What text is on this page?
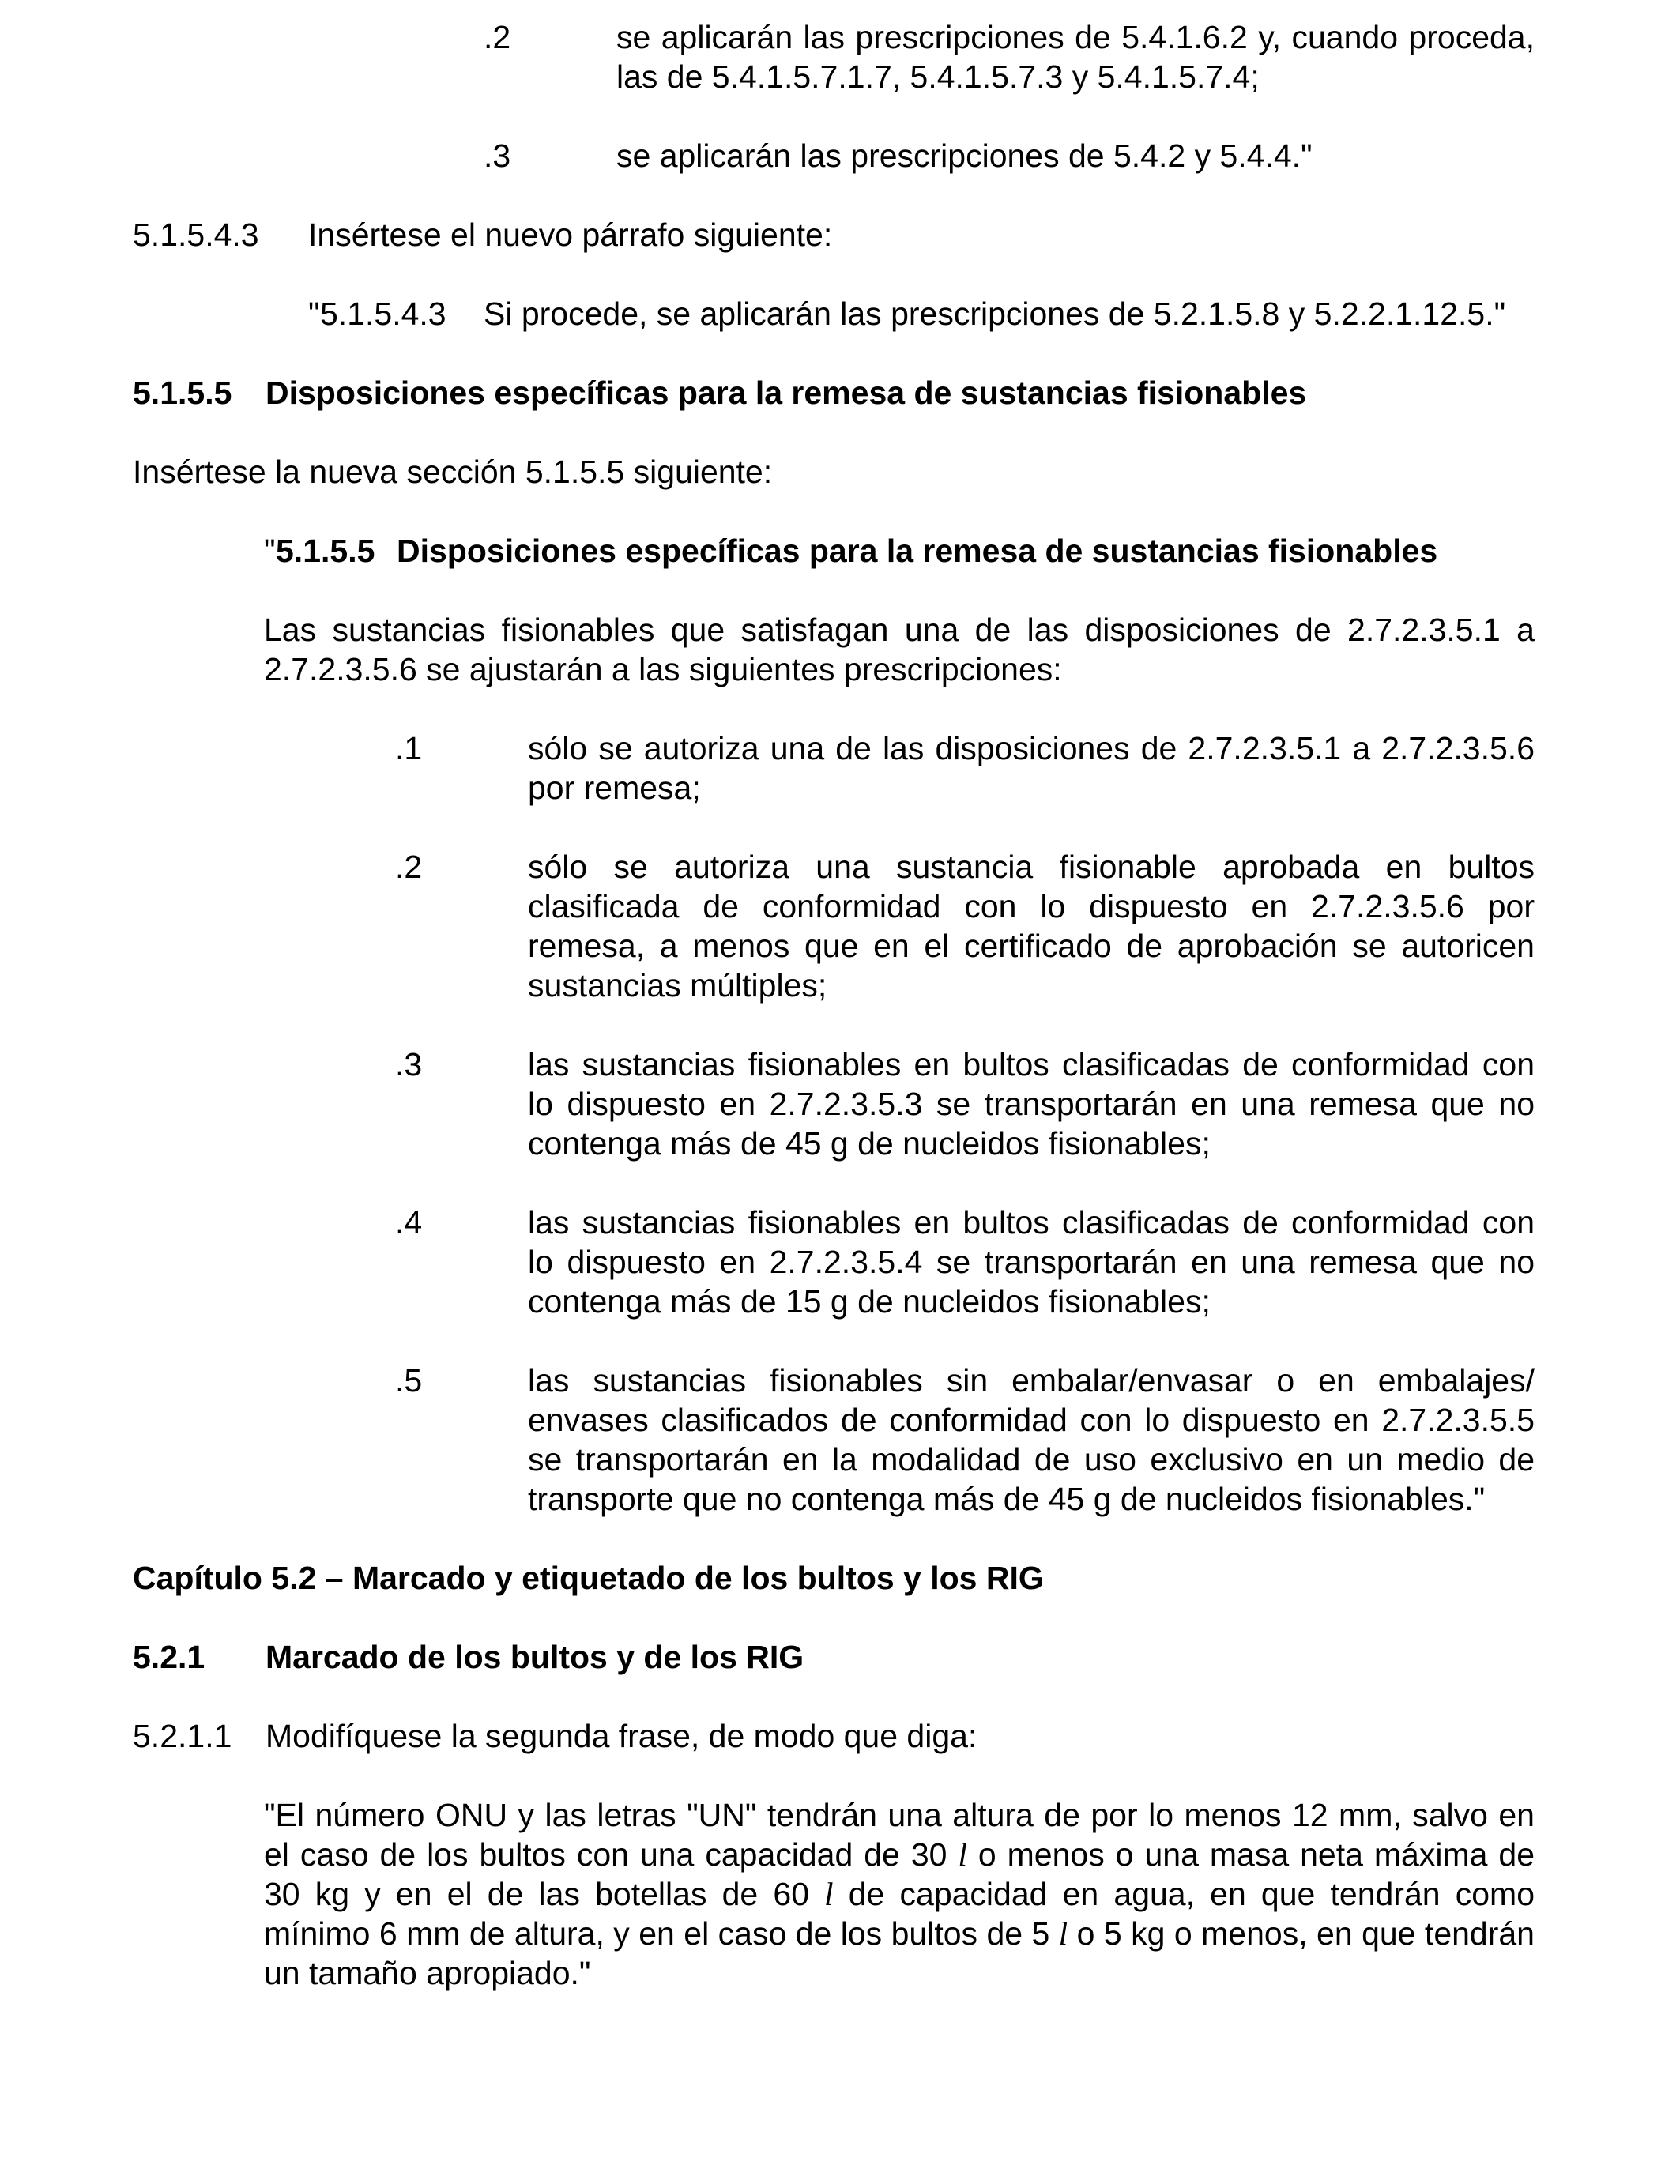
.2	se aplicarán las prescripciones de 5.4.1.6.2 y, cuando proceda, las de 5.4.1.5.7.1.7, 5.4.1.5.7.3 y 5.4.1.5.7.4;

.3	se aplicarán las prescripciones de 5.4.2 y 5.4.4."

5.1.5.4.3 Insértese el nuevo párrafo siguiente:
" 5.1.5.4.3 Si procede, se aplicarán las prescripciones de 5.2.1.5.8 y 5.2.2.1.12.5."
5.1.5.5 Disposiciones específicas para la remesa de sustancias fisionables

Insértese la nueva sección 5.1.5.5 siguiente:

" 5.1.5.5 Disposiciones específicas para la remesa de sustancias fisionables

Las sustancias fisionables que satisfagan una de las disposiciones de 2.7.2.3.5.1 a 2.7.2.3.5.6 se ajustarán a las siguientes prescripciones:

.1	sólo se autoriza una de las disposiciones de 2.7.2.3.5.1 a 2.7.2.3.5.6 por remesa;

.2	sólo se autoriza una sustancia fisionable aprobada en bultos clasificada de conformidad con lo dispuesto en 2.7.2.3.5.6 por remesa, a menos que en el certificado de aprobación se autoricen sustancias múltiples;

.3	las sustancias fisionables en bultos clasificadas de conformidad con lo dispuesto en 2.7.2.3.5.3 se transportarán en una remesa que no contenga más de 45 g de nucleidos fisionables;

.4	las sustancias fisionables en bultos clasificadas de conformidad con lo dispuesto en 2.7.2.3.5.4 se transportarán en una remesa que no contenga más de 15 g de nucleidos fisionables;

.5	las sustancias fisionables sin embalar/envasar o en embalajes/ envases clasificados de conformidad con lo dispuesto en 2.7.2.3.5.5 se transportarán en la modalidad de uso exclusivo en un medio de transporte que no contenga más de 45 g de nucleidos fisionables."

Capítulo 5.2 – Marcado y etiquetado de los bultos y los RIG

5.2.1 Marcado de los bultos y de los RIG
5.2.1.1 Modifíquese la segunda frase, de modo que diga:

"El número ONU y las letras "UN" tendrán una altura de por lo menos 12 mm, salvo en el caso de los bultos con una capacidad de 30 l o menos o una masa neta máxima de 30 kg y en el de las botellas de 60 l de capacidad en agua, en que tendrán como mínimo 6 mm de altura, y en el caso de los bultos de 5 l o 5 kg o menos, en que tendrán un tamaño apropiado."
